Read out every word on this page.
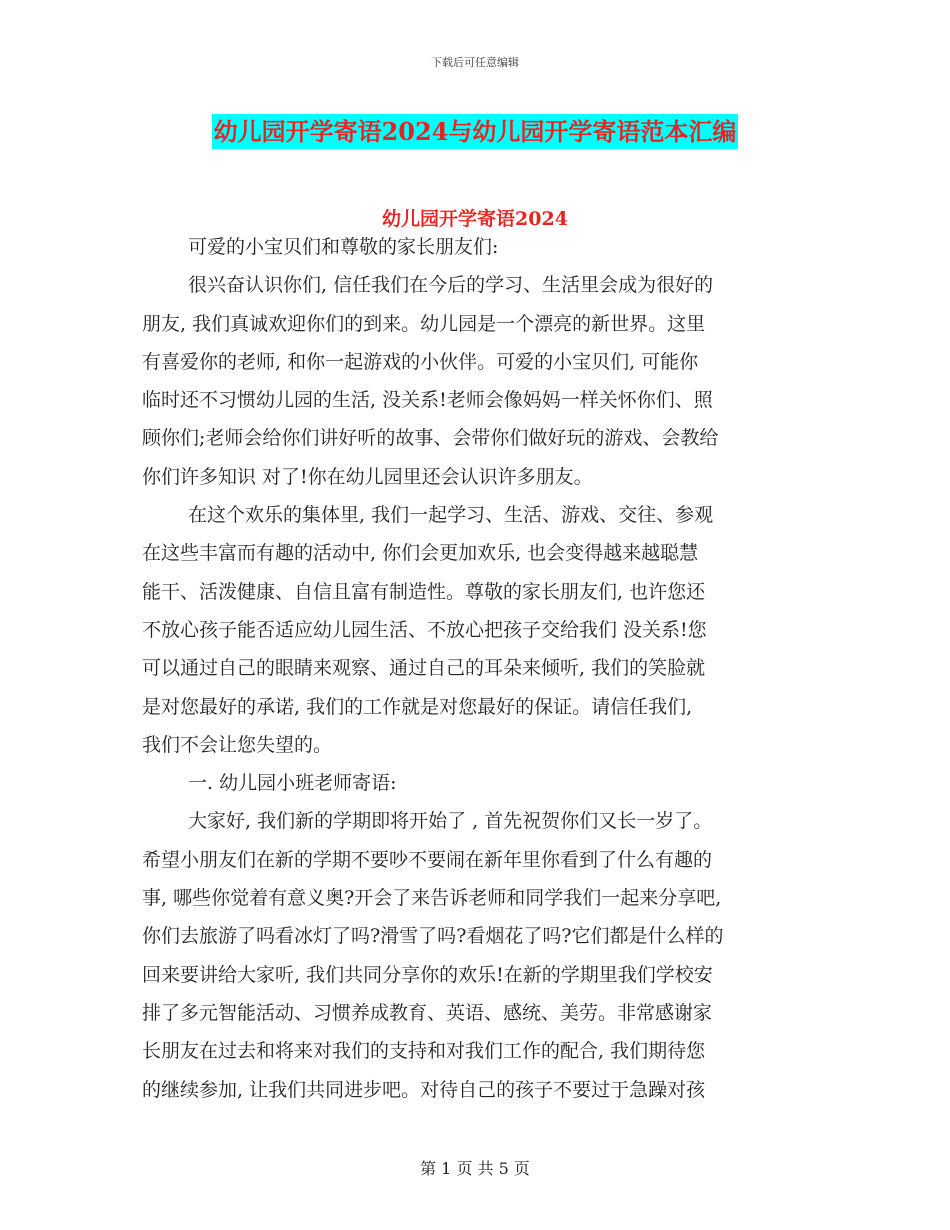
下载后可任意编辑
幼儿园开学寄语2024与幼儿园开学寄语范本汇编
幼儿园开学寄语2024
可爱的小宝贝们和尊敬的家长朋友们:
很兴奋认识你们, 信任我们在今后的学习、生活里会成为很好的
朋友, 我们真诚欢迎你们的到来。幼儿园是一个漂亮的新世界。这里
有喜爱你的老师, 和你一起游戏的小伙伴。可爱的小宝贝们, 可能你
临时还不习惯幼儿园的生活, 没关系!老师会像妈妈一样关怀你们、照
顾你们;老师会给你们讲好听的故事、会带你们做好玩的游戏、会教给
你们许多知识 对了!你在幼儿园里还会认识许多朋友。
在这个欢乐的集体里, 我们一起学习、生活、游戏、交往、参观
在这些丰富而有趣的活动中, 你们会更加欢乐, 也会变得越来越聪慧
能干、活泼健康、自信且富有制造性。尊敬的家长朋友们, 也许您还
不放心孩子能否适应幼儿园生活、不放心把孩子交给我们 没关系!您
可以通过自己的眼睛来观察、通过自己的耳朵来倾听, 我们的笑脸就
是对您最好的承诺, 我们的工作就是对您最好的保证。请信任我们,
我们不会让您失望的。
一. 幼儿园小班老师寄语:
大家好, 我们新的学期即将开始了 , 首先祝贺你们又长一岁了。
希望小朋友们在新的学期不要吵不要闹在新年里你看到了什么有趣的
事, 哪些你觉着有意义奥?开会了来告诉老师和同学我们一起来分享吧,
你们去旅游了吗看冰灯了吗?滑雪了吗?看烟花了吗?它们都是什么样的
回来要讲给大家听, 我们共同分享你的欢乐!在新的学期里我们学校安
排了多元智能活动、习惯养成教育、英语、感统、美劳。非常感谢家
长朋友在过去和将来对我们的支持和对我们工作的配合, 我们期待您
的继续参加, 让我们共同进步吧。对待自己的孩子不要过于急躁对孩
第 1 页 共 5 页
